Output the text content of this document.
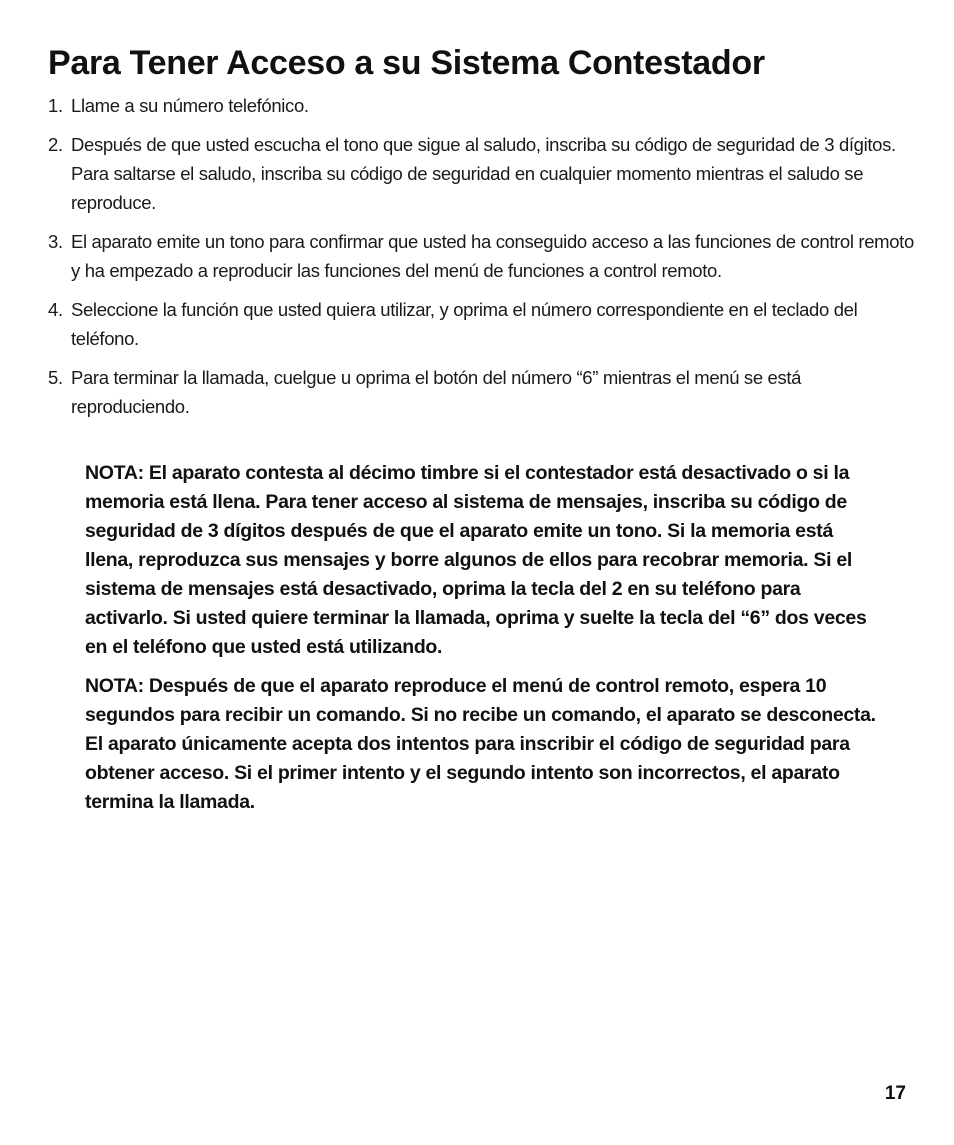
Para Tener Acceso a su Sistema Contestador
1. Llame a su número telefónico.
2. Después de que usted escucha el tono que sigue al saludo, inscriba su código de seguridad de 3 dígitos. Para saltarse el saludo, inscriba su código de seguridad en cualquier momento mientras el saludo se reproduce.
3. El aparato emite un tono para confirmar que usted ha conseguido acceso a las funciones de control remoto y ha empezado a reproducir las funciones del menú de funciones a control remoto.
4. Seleccione la función que usted quiera utilizar, y oprima el número correspondiente en el teclado del teléfono.
5. Para terminar la llamada, cuelgue u oprima el botón del número “6” mientras el menú se está reproduciendo.

NOTA: El aparato contesta al décimo timbre si el contestador está desactivado o si la memoria está llena. Para tener acceso al sistema de mensajes, inscriba su código de seguridad de 3 dígitos después de que el aparato emite un tono. Si la memoria está llena, reproduzca sus mensajes y borre algunos de ellos para recobrar memoria. Si el sistema de mensajes está desactivado, oprima la tecla del 2 en su teléfono para activarlo. Si usted quiere terminar la llamada, oprima y suelte la tecla del “6” dos veces en el teléfono que usted está utilizando.

NOTA: Después de que el aparato reproduce el menú de control remoto, espera 10 segundos para recibir un comando. Si no recibe un comando, el aparato se desconecta. El aparato únicamente acepta dos intentos para inscribir el código de seguridad para obtener acceso. Si el primer intento y el segundo intento son incorrectos, el aparato termina la llamada.

17
